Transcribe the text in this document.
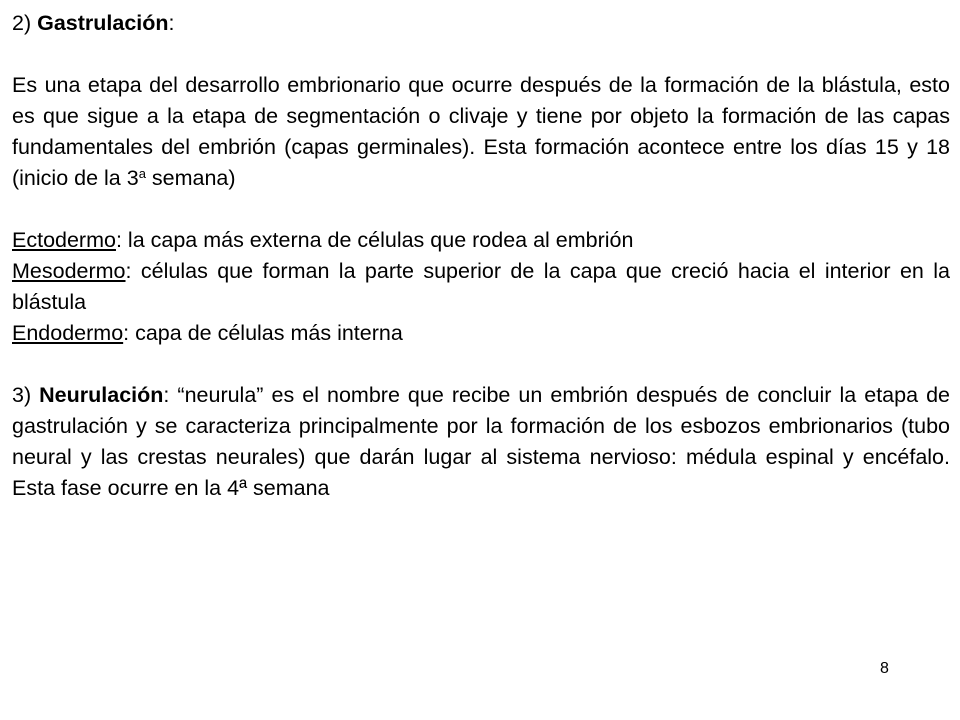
2) Gastrulación:

Es una etapa del desarrollo embrionario que ocurre después de la formación de la blástula, esto es que sigue a la etapa de segmentación o clivaje y tiene por objeto la formación de las capas fundamentales del embrión (capas germinales). Esta formación acontece entre los días 15 y 18 (inicio de la 3$^a$ semana)

Ectodermo: la capa más externa de células que rodea al embrión

Mesodermo: células que forman la parte superior de la capa que creció hacia el interior en la blástula

Endodermo: capa de células más interna

3) Neurulación: “neurula” es el nombre que recibe un embrión después de concluir la etapa de gastrulación y se caracteriza principalmente por la formación de los esbozos embrionarios (tubo neural y las crestas neurales) que darán lugar al sistema nervioso: médula espinal y encéfalo. Esta fase ocurre en la 4ª semana

8
